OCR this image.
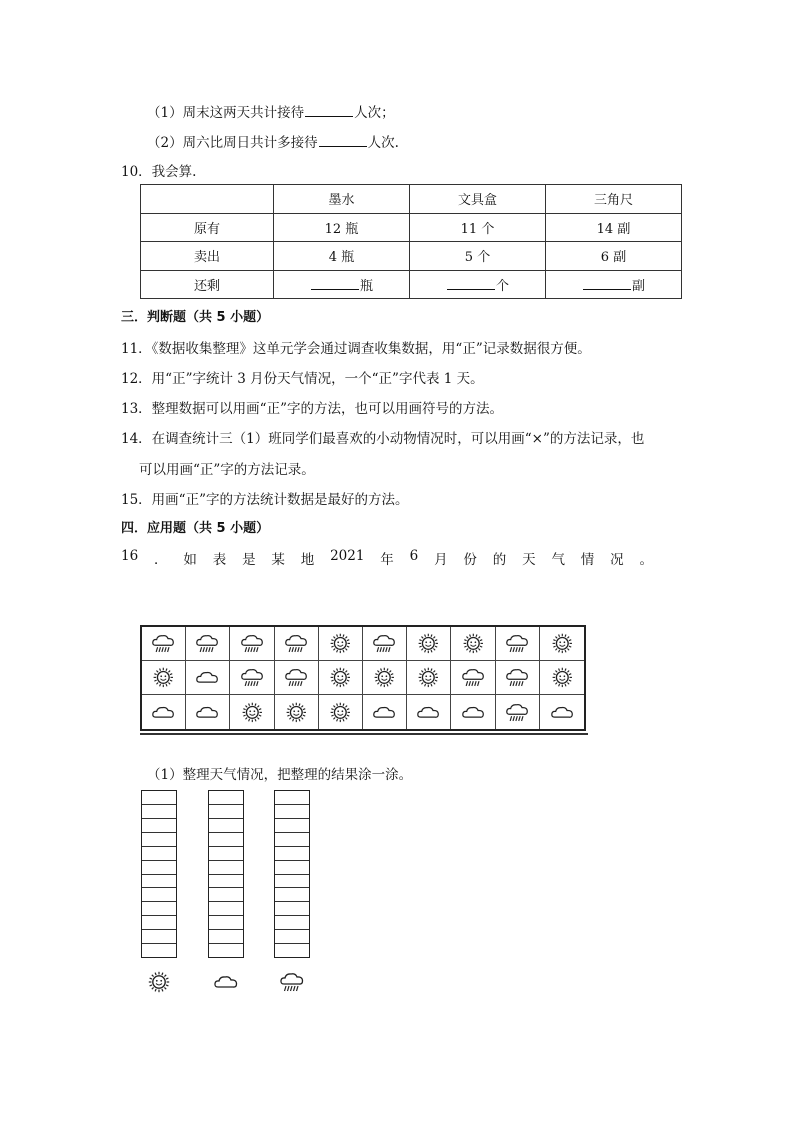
（1）周末这两天共计接待	人次；
（2）周六比周日共计多接待	人次.
10．我会算.
	墨水	文具盒	三角尺
原有	12 瓶	11 个	14 副
卖出	4 瓶	5 个	6 副
还剩	瓶	个	副
三．判断题（共 5 小题）
11．《数据收集整理》这单元学会通过调查收集数据，用“正”记录数据很方便。
12．用“正”字统计 3 月份天气情况，一个“正”字代表 1 天。
13．整理数据可以用画“正”字的方法，也可以用画符号的方法。
14．在调查统计三（1）班同学们最喜欢的小动物情况时，可以用画“×”的方法记录，也
可以用画“正”字的方法记录。
15．用画“正”字的方法统计数据是最好的方法。
四．应用题（共 5 小题）
16 ． 如 表 是 某 地 2021 年 6 月 份 的 天 气 情 况 。
（1）整理天气情况，把整理的结果涂一涂。
